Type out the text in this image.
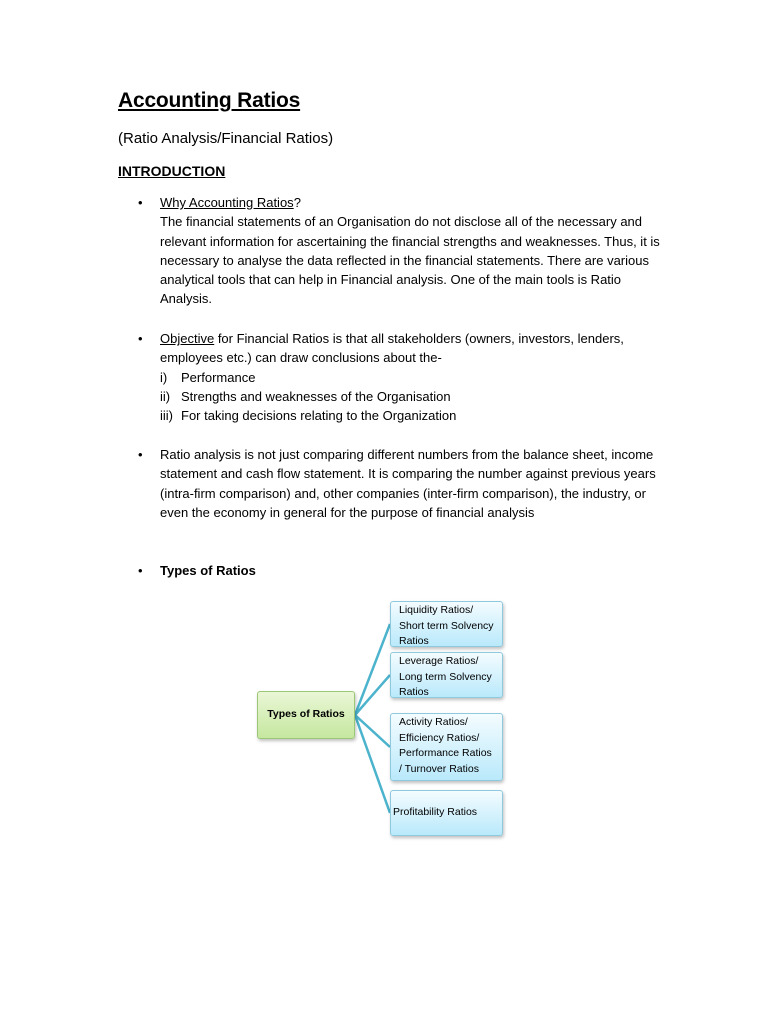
Accounting Ratios

(Ratio Analysis/Financial Ratios)

INTRODUCTION

• Why Accounting Ratios?
The financial statements of an Organisation do not disclose all of the necessary and relevant information for ascertaining the financial strengths and weaknesses. Thus, it is necessary to analyse the data reflected in the financial statements. There are various analytical tools that can help in Financial analysis. One of the main tools is Ratio Analysis.
• Objective for Financial Ratios is that all stakeholders (owners, investors, lenders, employees etc.) can draw conclusions about the-
i) Performance
ii) Strengths and weaknesses of the Organisation
iii) For taking decisions relating to the Organization
• Ratio analysis is not just comparing different numbers from the balance sheet, income statement and cash flow statement. It is comparing the number against previous years (intra-firm comparison) and, other companies (inter-firm comparison), the industry, or even the economy in general for the purpose of financial analysis
• Types of Ratios
Types of Ratios
Liquidity Ratios/
Short term Solvency
Ratios
Leverage Ratios/
Long term Solvency
Ratios
Activity Ratios/
Efficiency Ratios/
Performance Ratios
/ Turnover Ratios
Profitability Ratios
